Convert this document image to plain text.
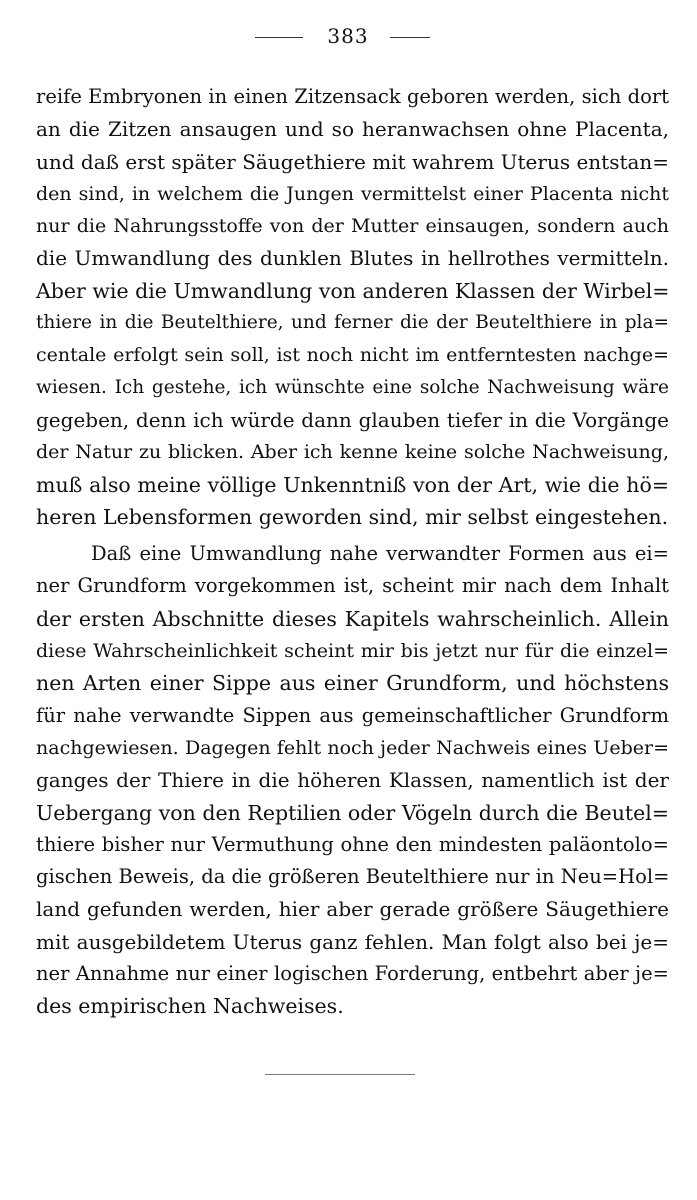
383
reife Embryonen in einen Zitzensack geboren werden, sich dort
an die Zitzen ansaugen und so heranwachsen ohne Placenta,
und daß erst später Säugethiere mit wahrem Uterus entstan=
den sind, in welchem die Jungen vermittelst einer Placenta nicht
nur die Nahrungsstoffe von der Mutter einsaugen, sondern auch
die Umwandlung des dunklen Blutes in hellrothes vermitteln.
Aber wie die Umwandlung von anderen Klassen der Wirbel=
thiere in die Beutelthiere, und ferner die der Beutelthiere in pla=
centale erfolgt sein soll, ist noch nicht im entferntesten nachge=
wiesen. Ich gestehe, ich wünschte eine solche Nachweisung wäre
gegeben, denn ich würde dann glauben tiefer in die Vorgänge
der Natur zu blicken. Aber ich kenne keine solche Nachweisung,
muß also meine völlige Unkenntniß von der Art, wie die hö=
heren Lebensformen geworden sind, mir selbst eingestehen.
Daß eine Umwandlung nahe verwandter Formen aus ei=
ner Grundform vorgekommen ist, scheint mir nach dem Inhalt
der ersten Abschnitte dieses Kapitels wahrscheinlich. Allein
diese Wahrscheinlichkeit scheint mir bis jetzt nur für die einzel=
nen Arten einer Sippe aus einer Grundform, und höchstens
für nahe verwandte Sippen aus gemeinschaftlicher Grundform
nachgewiesen. Dagegen fehlt noch jeder Nachweis eines Ueber=
ganges der Thiere in die höheren Klassen, namentlich ist der
Uebergang von den Reptilien oder Vögeln durch die Beutel=
thiere bisher nur Vermuthung ohne den mindesten paläontolo=
gischen Beweis, da die größeren Beutelthiere nur in Neu=Hol=
land gefunden werden, hier aber gerade größere Säugethiere
mit ausgebildetem Uterus ganz fehlen. Man folgt also bei je=
ner Annahme nur einer logischen Forderung, entbehrt aber je=
des empirischen Nachweises.
